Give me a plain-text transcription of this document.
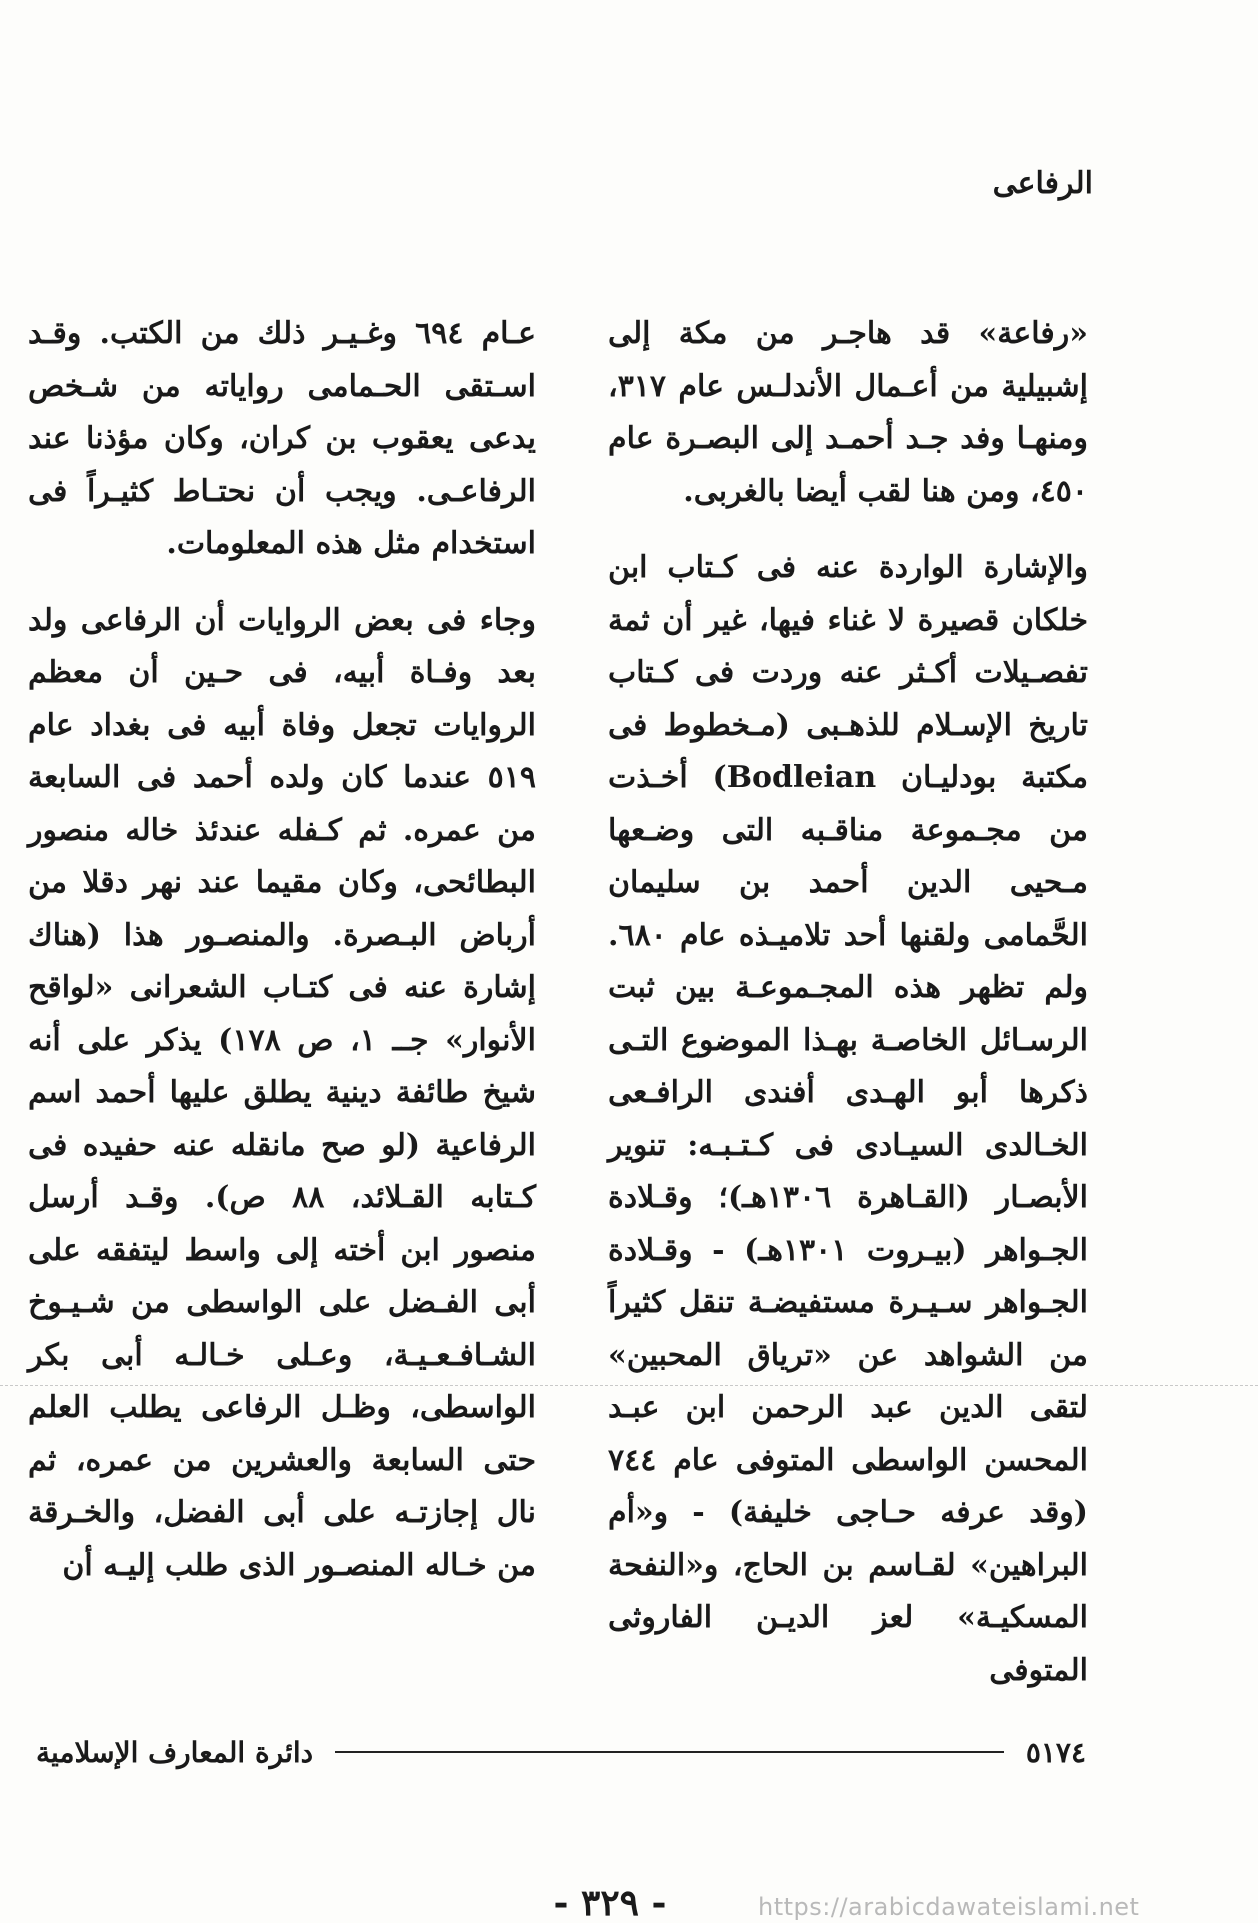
الرفاعى

«رفاعة» قد هاجـر من مكة إلى إشبيلية من أعـمال الأندلـس عام ٣١٧، ومنهـا وفد جـد أحمـد إلى البصـرة عام ٤٥٠، ومن هنا لقب أيضا بالغربى.

والإشارة الواردة عنه فى كـتاب ابن خلكان قصيرة لا غناء فيها، غير أن ثمة تفصـيلات أكـثر عنه وردت فى كـتاب تاريخ الإسـلام للذهـبى (مـخطوط فى مكتبة بودليـان Bodleian) أخـذت من مجـموعة مناقـبه التى وضـعها مـحيى الدين أحمد بن سليمان الحَّمامى ولقنها أحد تلاميـذه عام ٦٨٠. ولم تظهر هذه المجـموعـة بين ثبت الرسـائل الخاصـة بهـذا الموضوع التـى ذكرها أبو الهـدى أفندى الرافـعى الخـالدى السيـادى فى كـتـبـه: تنوير الأبصـار (القـاهرة ١٣٠٦هـ)؛ وقـلادة الجـواهر (بيـروت ١٣٠١هـ) - وقـلادة الجـواهر سـيـرة مستفيضـة تنقل كثيراً من الشواهد عن «ترياق المحبين» لتقى الدين عبد الرحمن ابن عبـد المحسن الواسطى المتوفى عام ٧٤٤ (وقد عرفه حـاجى خليفة) - و«أم البراهين» لقـاسم بن الحاج، و«النفحة المسكيـة» لعز الديـن الفاروثى المتوفى

عـام ٦٩٤ وغـيـر ذلك من الكتب. وقـد اسـتقى الحـمامى رواياته من شـخص يدعى يعقوب بن كران، وكان مؤذنا عند الرفاعـى. ويجب أن نحتـاط كثيـراً فى استخدام مثل هذه المعلومات.

وجاء فى بعض الروايات أن الرفاعى ولد بعد وفـاة أبيه، فى حـين أن معظم الروايات تجعل وفاة أبيه فى بغداد عام ٥١٩ عندما كان ولده أحمد فى السابعة من عمره. ثم كـفله عندئذ خاله منصور البطائحى، وكان مقيما عند نهر دقلا من أرباض البـصرة. والمنصـور هذا (هناك إشارة عنه فى كتـاب الشعرانى «لواقح الأنوار» جــ ١، ص ١٧٨) يذكر على أنه شيخ طائفة دينية يطلق عليها أحمد اسم الرفاعية (لو صح مانقله عنه حفيده فى كـتابه القـلائد، ٨٨ ص). وقـد أرسل منصور ابن أخته إلى واسط ليتفقه على أبى الفـضل على الواسطى من شـيـوخ الشـافـعـيـة، وعـلى خـالـه أبى بكر الواسطى، وظـل الرفاعى يطلب العلم حتى السابعة والعشرين من عمره، ثم نال إجازتـه على أبى الفضل، والخـرقة من خـاله المنصـور الذى طلب إليـه أن

٥١٧٤
دائرة المعارف الإسلامية
- ٣٢٩ -	https://arabicdawateislami.net
